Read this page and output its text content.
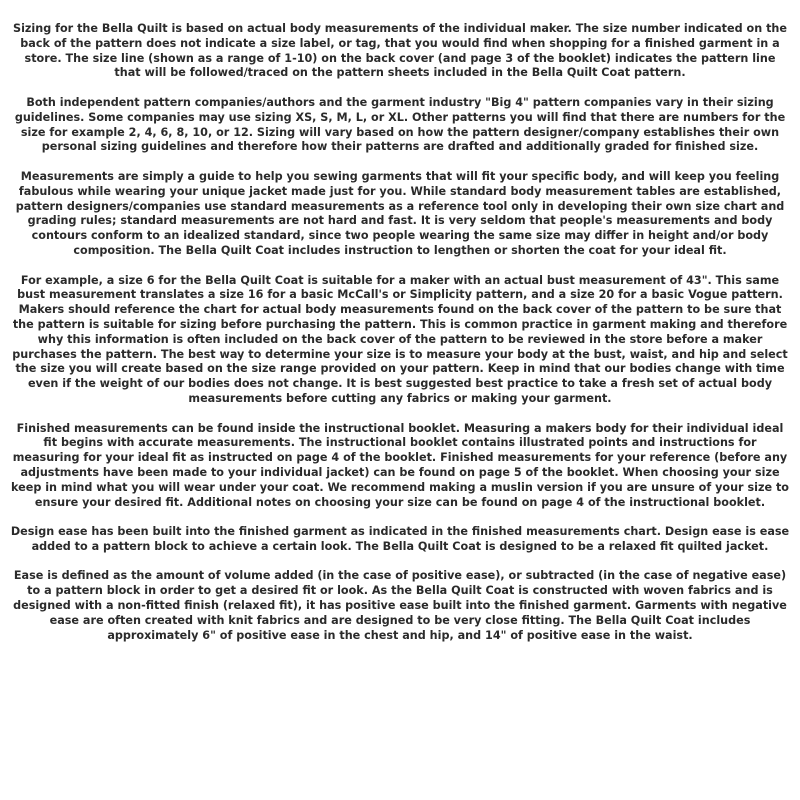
Sizing for the Bella Quilt is based on actual body measurements of the individual maker. The size number indicated on the back of the pattern does not indicate a size label, or tag, that you would find when shopping for a finished garment in a store. The size line (shown as a range of 1-10) on the back cover (and page 3 of the booklet) indicates the pattern line that will be followed/traced on the pattern sheets included in the Bella Quilt Coat pattern.

Both independent pattern companies/authors and the garment industry "Big 4" pattern companies vary in their sizing guidelines. Some companies may use sizing XS, S, M, L, or XL. Other patterns you will find that there are numbers for the size for example 2, 4, 6, 8, 10, or 12. Sizing will vary based on how the pattern designer/company establishes their own personal sizing guidelines and therefore how their patterns are drafted and additionally graded for finished size.

Measurements are simply a guide to help you sewing garments that will fit your specific body, and will keep you feeling fabulous while wearing your unique jacket made just for you. While standard body measurement tables are established, pattern designers/companies use standard measurements as a reference tool only in developing their own size chart and grading rules; standard measurements are not hard and fast. It is very seldom that people's measurements and body contours conform to an idealized standard, since two people wearing the same size may differ in height and/or body composition. The Bella Quilt Coat includes instruction to lengthen or shorten the coat for your ideal fit.

For example, a size 6 for the Bella Quilt Coat is suitable for a maker with an actual bust measurement of 43". This same bust measurement translates a size 16 for a basic McCall's or Simplicity pattern, and a size 20 for a basic Vogue pattern. Makers should reference the chart for actual body measurements found on the back cover of the pattern to be sure that the pattern is suitable for sizing before purchasing the pattern. This is common practice in garment making and therefore why this information is often included on the back cover of the pattern to be reviewed in the store before a maker purchases the pattern. The best way to determine your size is to measure your body at the bust, waist, and hip and select the size you will create based on the size range provided on your pattern. Keep in mind that our bodies change with time even if the weight of our bodies does not change. It is best suggested best practice to take a fresh set of actual body measurements before cutting any fabrics or making your garment.

Finished measurements can be found inside the instructional booklet. Measuring a makers body for their individual ideal fit begins with accurate measurements. The instructional booklet contains illustrated points and instructions for measuring for your ideal fit as instructed on page 4 of the booklet. Finished measurements for your reference (before any adjustments have been made to your individual jacket) can be found on page 5 of the booklet. When choosing your size keep in mind what you will wear under your coat. We recommend making a muslin version if you are unsure of your size to ensure your desired fit. Additional notes on choosing your size can be found on page 4 of the instructional booklet.

Design ease has been built into the finished garment as indicated in the finished measurements chart. Design ease is ease added to a pattern block to achieve a certain look. The Bella Quilt Coat is designed to be a relaxed fit quilted jacket.

Ease is defined as the amount of volume added (in the case of positive ease), or subtracted (in the case of negative ease) to a pattern block in order to get a desired fit or look. As the Bella Quilt Coat is constructed with woven fabrics and is designed with a non-fitted finish (relaxed fit), it has positive ease built into the finished garment. Garments with negative ease are often created with knit fabrics and are designed to be very close fitting. The Bella Quilt Coat includes approximately 6" of positive ease in the chest and hip, and 14" of positive ease in the waist.
